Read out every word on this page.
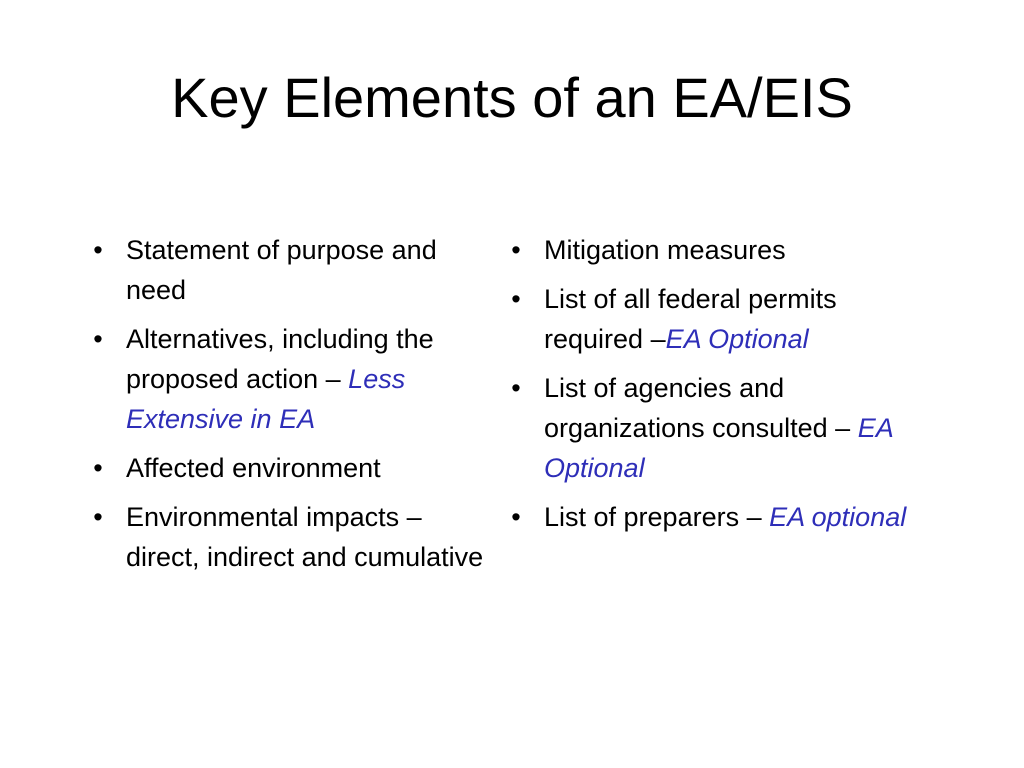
Key Elements of an EA/EIS
• Statement of purpose and need
• Alternatives, including the proposed action – Less Extensive in EA
• Affected environment
• Environmental impacts – direct, indirect and cumulative
• Mitigation measures
• List of all federal permits required –EA Optional
• List of agencies and organizations consulted – EA Optional
• List of preparers – EA optional
